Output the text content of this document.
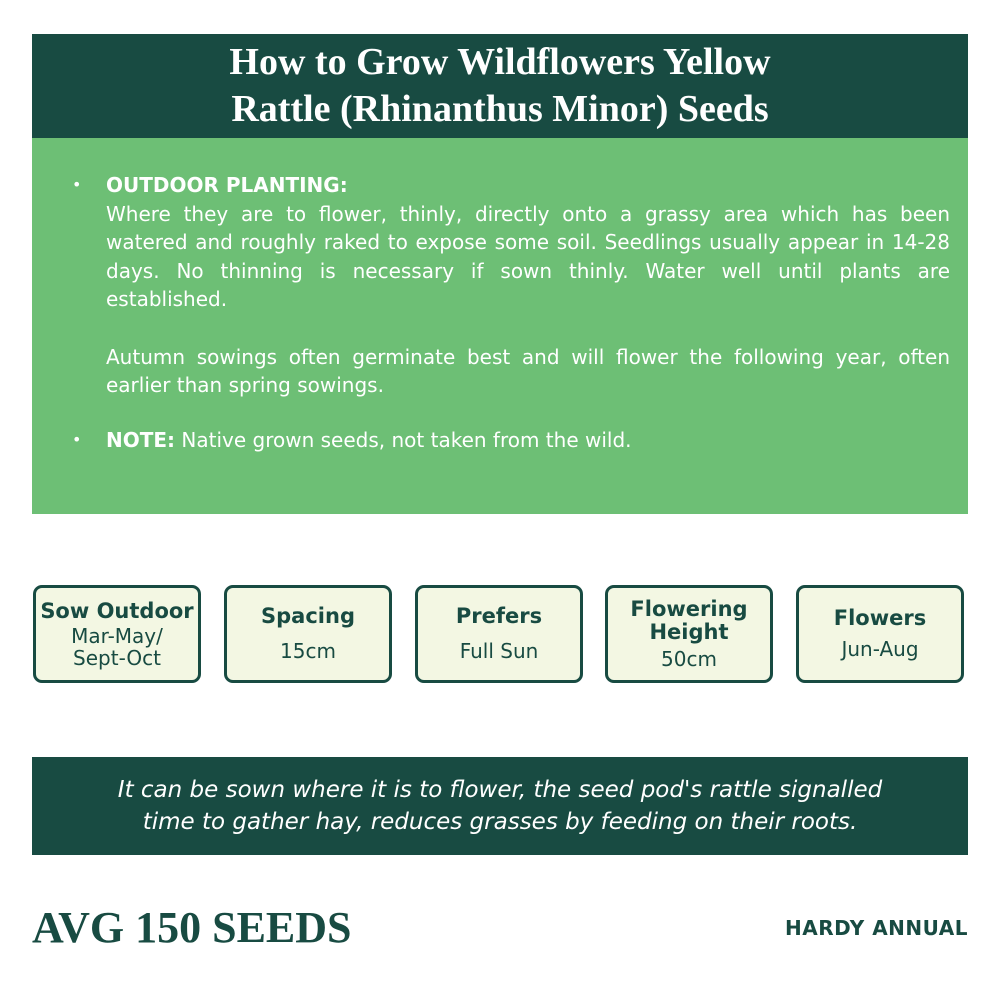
How to Grow Wildflowers Yellow
Rattle (Rhinanthus Minor) Seeds
• OUTDOOR PLANTING:

Where they are to flower, thinly, directly onto a grassy area which has been watered and roughly raked to expose some soil. Seedlings usually appear in 14-28 days. No thinning is necessary if sown thinly. Water well until plants are established.

Autumn sowings often germinate best and will flower the following year, often earlier than spring sowings.

• NOTE: Native grown seeds, not taken from the wild.
Sow Outdoor
Mar-May/
Sept-Oct
Spacing
15cm
Prefers
Full Sun
Flowering
Height
50cm
Flowers
Jun-Aug
It can be sown where it is to flower, the seed pod's rattle signalled
time to gather hay, reduces grasses by feeding on their roots.
AVG 150 SEEDS	HARDY ANNUAL
